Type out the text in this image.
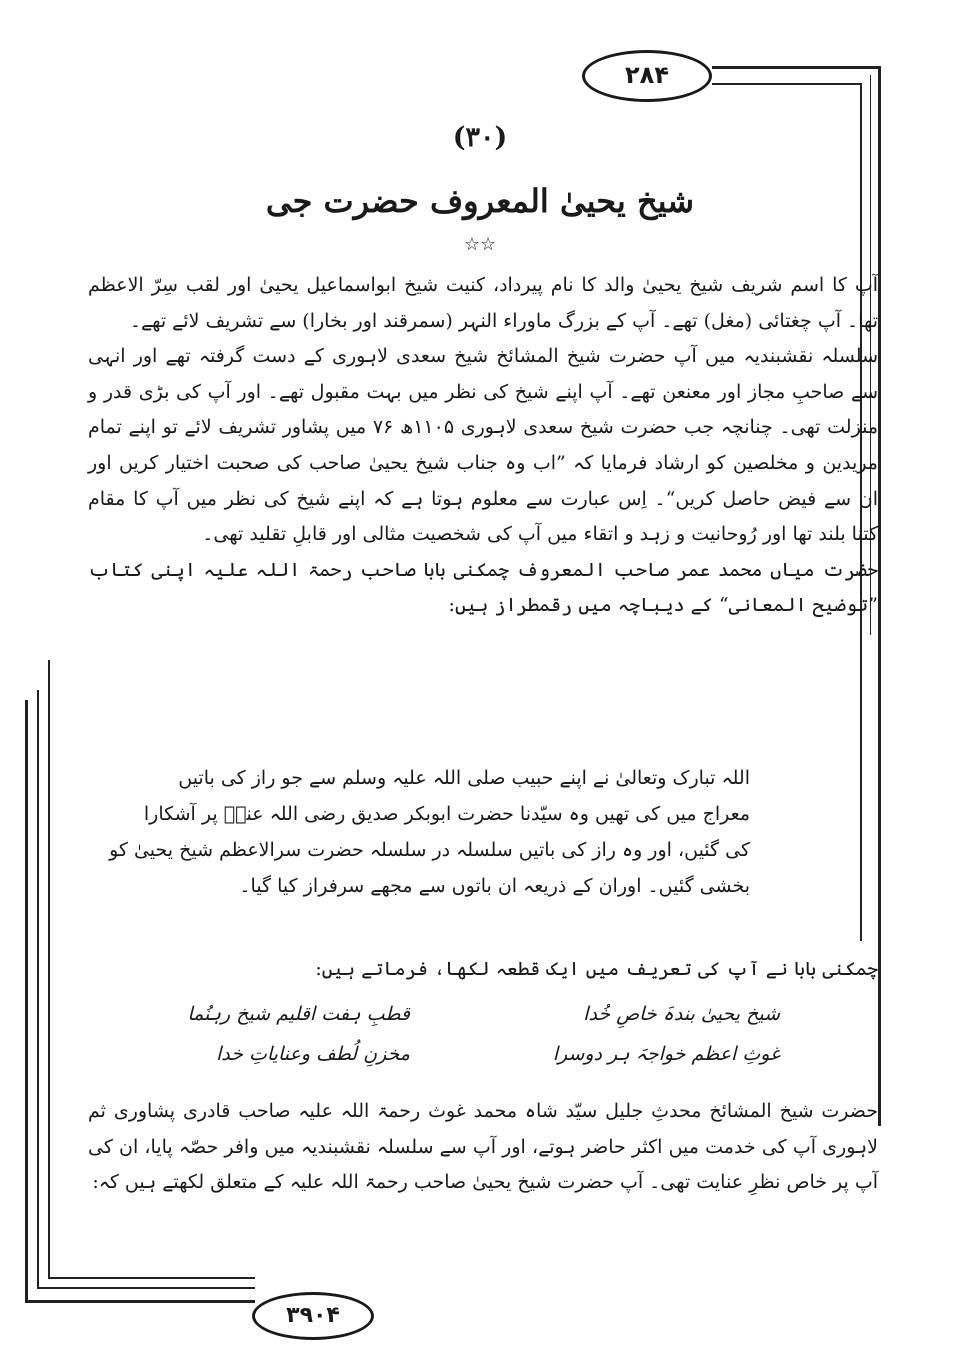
۲۸۴
۳۹۰۴
(۳۰)
شیخ یحییٰ المعروف حضرت جی
☆☆

آپ کا اسم شریف شیخ یحییٰ والد کا نام پیرداد، کنیت شیخ ابواسماعیل یحییٰ اور لقب سِرّ الاعظم تھا۔ آپ چغتائی (مغل) تھے۔ آپ کے بزرگ ماوراء النہر (سمرقند اور بخارا) سے تشریف لائے تھے۔

سلسلہ نقشبندیہ میں آپ حضرت شیخ المشائخ شیخ سعدی لاہوری کے دست گرفتہ تھے اور انہی سے صاحبِ مجاز اور معنعن تھے۔ آپ اپنے شیخ کی نظر میں بہت مقبول تھے۔ اور آپ کی بڑی قدر و منزلت تھی۔ چنانچہ جب حضرت شیخ سعدی لاہوری ۱۱۰۵ھ ۷۶ میں پشاور تشریف لائے تو اپنے تمام مریدین و مخلصین کو ارشاد فرمایا کہ ”اب وہ جناب شیخ یحییٰ صاحب کی صحبت اختیار کریں اور ان سے فیض حاصل کریں“۔ اِس عبارت سے معلوم ہوتا ہے کہ اپنے شیخ کی نظر میں آپ کا مقام کتنا بلند تھا اور رُوحانیت و زہد و اتقاء میں آپ کی شخصیت مثالی اور قابلِ تقلید تھی۔

حضرت میاں محمد عمر صاحب المعروف چمکنی بابا صاحب رحمۃ اللہ علیہ اپنی کتاب ”توضیح المعانی“ کے دیباچہ میں رقمطراز ہیں:

اللہ تبارک وتعالیٰ نے اپنے حبیب صلی اللہ علیہ وسلم سے جو راز کی باتیں
معراج میں کی تھیں وہ سیّدنا حضرت ابوبکر صدیق رضی اللہ عنہٗ پر آشکارا
کی گئیں، اور وہ راز کی باتیں سلسلہ در سلسلہ حضرت سرالاعظم شیخ یحییٰ کو
بخشی گئیں۔ اوران کے ذریعہ ان باتوں سے مجھے سرفراز کیا گیا۔

چمکنی بابا نے آپ کی تعریف میں ایک قطعہ لکھا، فرماتے ہیں:

شیخ یحییٰ بندہَ خاصِ خُدا
قطبِ ہفت اقلیم شیخ رہنُما
غوثِ اعظم خواجہَ ہر دوسرا
مخزنِ لُطف وعنایاتِ خدا

حضرت شیخ المشائخ محدثِ جلیل سیّد شاہ محمد غوث رحمۃ اللہ علیہ صاحب قادری پشاوری ثم لاہوری آپ کی خدمت میں اکثر حاضر ہوتے، اور آپ سے سلسلہ نقشبندیہ میں وافر حصّہ پایا، ان کی آپ پر خاص نظرِ عنایت تھی۔ آپ حضرت شیخ یحییٰ صاحب رحمۃ اللہ علیہ کے متعلق لکھتے ہیں کہ:
